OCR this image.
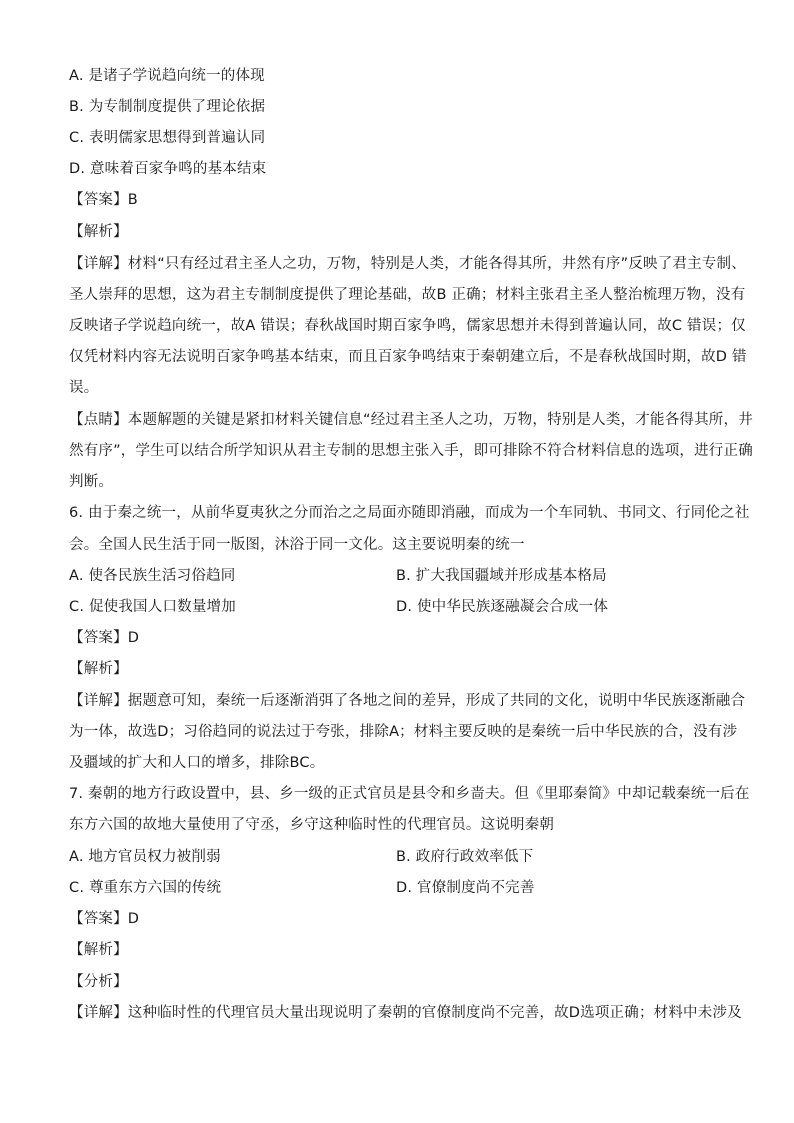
A. 是诸子学说趋向统一的体现
B. 为专制制度提供了理论依据
C. 表明儒家思想得到普遍认同
D. 意味着百家争鸣的基本结束
【答案】B
【解析】
【详解】材料“只有经过君主圣人之功，万物，特别是人类，才能各得其所，井然有序”反映了君主专制、
圣人崇拜的思想，这为君主专制制度提供了理论基础，故B 正确；材料主张君主圣人整治梳理万物，没有
反映诸子学说趋向统一，故A 错误；春秋战国时期百家争鸣，儒家思想并未得到普遍认同，故C 错误；仅
仅凭材料内容无法说明百家争鸣基本结束，而且百家争鸣结束于秦朝建立后，不是春秋战国时期，故D 错
误。
【点睛】本题解题的关键是紧扣材料关键信息“经过君主圣人之功，万物，特别是人类，才能各得其所，井
然有序”，学生可以结合所学知识从君主专制的思想主张入手，即可排除不符合材料信息的选项，进行正确
判断。
6. 由于秦之统一，从前华夏夷狄之分而治之之局面亦随即消融，而成为一个车同轨、书同文、行同伦之社
会。全国人民生活于同一版图，沐浴于同一文化。这主要说明秦的统一
A. 使各民族生活习俗趋同	B. 扩大我国疆域并形成基本格局
C. 促使我国人口数量增加	D. 使中华民族逐融凝会合成一体
【答案】D
【解析】
【详解】据题意可知，秦统一后逐渐消弭了各地之间的差异，形成了共同的文化，说明中华民族逐渐融合
为一体，故选D；习俗趋同的说法过于夸张，排除A；材料主要反映的是秦统一后中华民族的合，没有涉
及疆域的扩大和人口的增多，排除BC。
7. 秦朝的地方行政设置中，县、乡一级的正式官员是县令和乡啬夫。但《里耶秦简》中却记载秦统一后在
东方六国的故地大量使用了守丞，乡守这种临时性的代理官员。这说明秦朝
A. 地方官员权力被削弱	B. 政府行政效率低下
C. 尊重东方六国的传统	D. 官僚制度尚不完善
【答案】D
【解析】
【分析】
【详解】这种临时性的代理官员大量出现说明了秦朝的官僚制度尚不完善，故D选项正确；材料中未涉及
